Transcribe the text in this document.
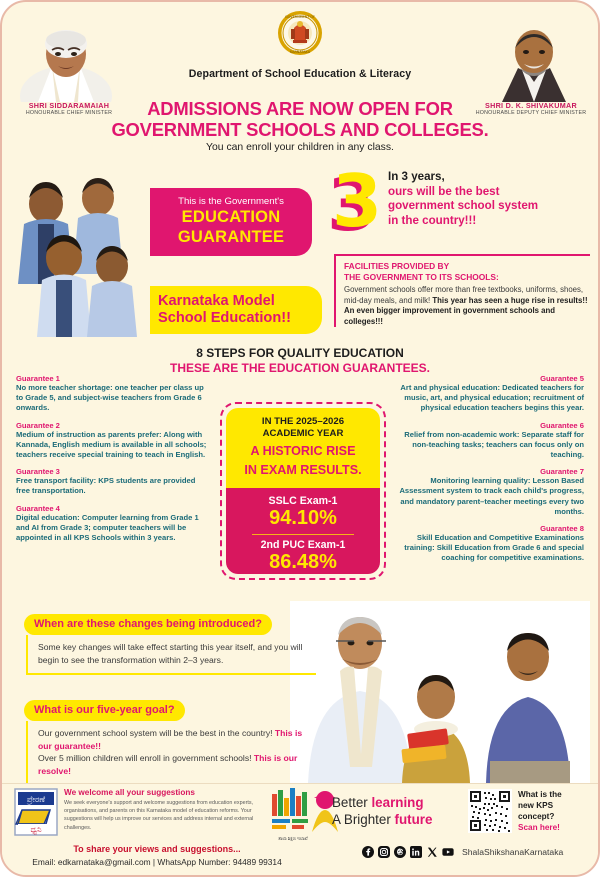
SHRI SIDDARAMAIAH
HONOURABLE CHIEF MINISTER
GOVERNMENT OF
KARNATAKA
SHRI D. K. SHIVAKUMAR
HONOURABLE DEPUTY CHIEF MINISTER
Department of School Education & Literacy
ADMISSIONS ARE NOW OPEN FOR
GOVERNMENT SCHOOLS AND COLLEGES.
You can enroll your children in any class.
This is the Government's
EDUCATION
GUARANTEE
Karnataka Model
School Education!!
3 In 3 years,
ours will be the best
government school system
in the country!!!
FACILITIES PROVIDED BY
THE GOVERNMENT TO ITS SCHOOLS:

Government schools offer more than free textbooks, uniforms, shoes, mid-day meals, and milk! This year has seen a huge rise in results!! An even bigger improvement in government schools and colleges!!!

8 STEPS FOR QUALITY EDUCATION
THESE ARE THE EDUCATION GUARANTEES.
Guarantee 1

No more teacher shortage: one teacher per class up to Grade 5, and subject-wise teachers from Grade 6 onwards.

Guarantee 2

Medium of instruction as parents prefer: Along with Kannada, English medium is available in all schools; teachers receive special training to teach in English.

Guarantee 3

Free transport facility: KPS students are provided free transportation.

Guarantee 4

Digital education: Computer learning from Grade 1 and AI from Grade 3; computer teachers will be appointed in all KPS Schools within 3 years.

Guarantee 5

Art and physical education: Dedicated teachers for music, art, and physical education; recruitment of physical education teachers begins this year.

Guarantee 6

Relief from non-academic work: Separate staff for non-teaching tasks; teachers can focus only on teaching.

Guarantee 7

Monitoring learning quality: Lesson Based Assessment system to track each child's progress, and mandatory parent–teacher meetings every two months.

Guarantee 8

Skill Education and Competitive Examinations training: Skill Education from Grade 6 and special coaching for competitive examinations.

IN THE 2025–2026
ACADEMIC YEAR
A HISTORIC RISE
IN EXAM RESULTS.
SSLC Exam-1
94.10%
2nd PUC Exam-1
86.48%
When are these changes being introduced?
Some key changes will take effect starting this year itself, and you will begin to see the transformation within 2–3 years.
What is our five-year goal?
Our government school system will be the best in the country! This is our guarantee!!
Over 5 million children will enroll in government schools! This is our resolve!
ಪ್ರೇರಣೆ
ಧ್ವನಿ
We welcome all your suggestions

We seek everyone's support and welcome suggestions from education experts, organisations, and parents on this Karnataka model of education reforms. Your suggestions will help us improve our services and address internal and external challenges.

To share your views and suggestions...
Email: edkarnataka@gmail.com | WhatsApp Number: 94489 99314
ಶಾಲಾ ಶಿಕ್ಷಣ ಇಲಾಖೆ
Better learning
A Brighter future
What is the
new KPS
concept?
Scan here!
ShalaShikshanaKarnataka
